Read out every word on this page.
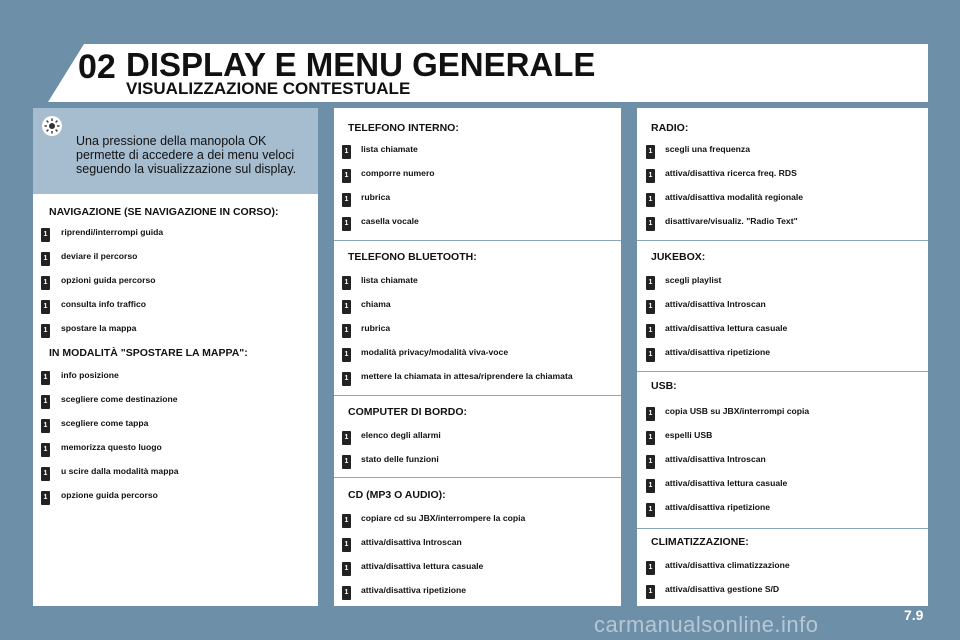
02 DISPLAY E MENU GENERALE
VISUALIZZAZIONE CONTESTUALE
Una pressione della manopola OK permette di accedere a dei menu veloci seguendo la visualizzazione sul display.
NAVIGAZIONE (SE NAVIGAZIONE IN CORSO):
1 riprendi/interrompi guida
1 deviare il percorso
1 opzioni guida percorso
1 consulta info traffico
1 spostare la mappa
IN MODALITÀ "SPOSTARE LA MAPPA":
1 info posizione
1 scegliere come destinazione
1 scegliere come tappa
1 memorizza questo luogo
1 u scire dalla modalità mappa
1 opzione guida percorso
TELEFONO INTERNO:
1 lista chiamate
1 comporre numero
1 rubrica
1 casella vocale
TELEFONO BLUETOOTH:
1 lista chiamate
1 chiama
1 rubrica
1 modalità privacy/modalità viva-voce
1 mettere la chiamata in attesa/riprendere la chiamata
COMPUTER DI BORDO:
1 elenco degli allarmi
1 stato delle funzioni
CD (MP3 O AUDIO):
1 copiare cd su JBX/interrompere la copia
1 attiva/disattiva Introscan
1 attiva/disattiva lettura casuale
1 attiva/disattiva ripetizione
RADIO:
1 scegli una frequenza
1 attiva/disattiva ricerca freq. RDS
1 attiva/disattiva modalità regionale
1 disattivare/visualiz. "Radio Text"
JUKEBOX:
1 scegli playlist
1 attiva/disattiva Introscan
1 attiva/disattiva lettura casuale
1 attiva/disattiva ripetizione
USB:
1 copia USB su JBX/interrompi copia
1 espelli USB
1 attiva/disattiva Introscan
1 attiva/disattiva lettura casuale
1 attiva/disattiva ripetizione
CLIMATIZZAZIONE:
1 attiva/disattiva climatizzazione
1 attiva/disattiva gestione S/D
7.9
carmanualsonline.info
